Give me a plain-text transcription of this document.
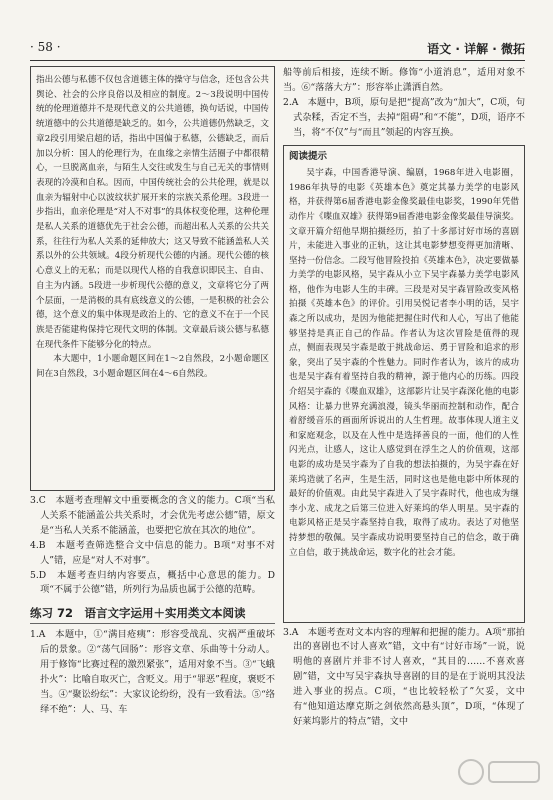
· 58 ·	语文 · 详解 · 微拓

指出公德与私德不仅包含道德主体的操守与信念，还包含公共舆论、社会的公序良俗以及相应的制度。2～3段说明中国传统的伦理道德并不是现代意义的公共道德，换句话说，中国传统道德中的公共道德是缺乏的。如今，公共道德仍然缺乏，文章2段引用梁启超的话，指出中国偏于私德，公德缺乏，而后加以分析：国人的伦理行为，在血缘之亲情生活圈子中都很精心，一旦脱离血亲，与陌生人交往或发生与自己无关的事情则表现的冷漠和自私。因而，中国传统社会的公共伦理，就是以血亲为辐射中心以波纹状扩展开来的宗族关系伦理。3段进一步指出，血亲伦理是“对人不对事”的具体权变伦理，这种伦理是私人关系的道德优先于社会公德，而超出私人关系的公共关系，往往行为私人关系的延伸放大；这又导致不能涵盖私人关系以外的公共领域。4段分析现代公德的内涵。现代公德的核心意义上的无私；而是以现代人格的自我意识即民主、自由、自主为内涵。5段进一步析现代公德的意义，文章将它分了两个层面，一是消极的具有底线意义的公德，一是积极的社会公德，这个意义的集中体现是政治上的、它的意义不在于一个民族是否能建构保持它现代文明的体制。文章最后谈公德与私德在现代条件下能够分化的特点。

本大题中，1小题命题区间在1～2自然段，2小题命题区间在3自然段，3小题命题区间在4～6自然段。

3.C　本题考查理解文中重要概念的含义的能力。C项“当私人关系不能涵盖公共关系时，才会优先考虑公德”错，原文是“当私人关系不能涵盖，也要把它放在其次的地位”。

4.B　本题考查筛选整合文中信息的能力。B项“对事不对人”错，应是“对人不对事”。

5.D　本题考查归纳内容要点，概括中心意思的能力。D项“不属于公德”错，所列行为品质也属于公德的范畴。

练习 72　语言文字运用＋实用类文本阅读

1.A　本题中，①“满目疮痍”：形容受战乱、灾祸严重破坏后的景象。②“荡气回肠”：形容文章、乐曲等十分动人。用于修饰“比赛过程的激烈紧张”，适用对象不当。③“飞蛾扑火”：比喻自取灭亡，含贬义。用于“罪恶”程度，褒贬不当。④“聚讼纷纭”：大家议论纷纷，没有一致看法。⑤“络绎不绝”：人、马、车

船等前后相接，连续不断。修饰“小道消息”，适用对象不当。⑥“落落大方”：形容举止潇洒自然。

2.A　本题中，B项，原句是把“提高”改为“加大”，C项，句式杂糅，否定不当，去掉“阻碍”和“不能”，D项，语序不当，将“不仅”与“而且”领起的内容互换。

阅读提示

吴宇森，中国香港导演、编剧，1968年进入电影圈，1986年执导的电影《英雄本色》奠定其暴力美学的电影风格，并获得第6届香港电影金像奖最佳电影奖，1990年凭借动作片《喋血双雄》获得第9届香港电影金像奖最佳导演奖。文章开篇介绍他早期拍摄经历，拍了十多部讨好市场的喜剧片，未能进入事业的正轨，这让其电影梦想变得更加清晰、坚持一份信念。二段写他冒险投拍《英雄本色》，决定要做暴力美学的电影风格，吴宇森从小立下吴宇森暴力美学电影风格，他作为电影人生的丰碑。三段是对吴宇森冒险改变风格拍摄《英雄本色》的评价。引用吴悦记者李小明的话，吴宇森之所以成功，是因为他能把握住时代和人心，写出了他能够坚持是真正自己的作品。作者认为这次冒险是值得的现点，侧面表现吴宇森是敢于挑战命运、勇于冒险和追求的形象，突出了吴宇森的个性魅力。同时作者认为，该片的成功也是吴宇森有着坚持自我的精神，源于他内心的历练。四段介绍吴宇森的《喋血双雄》，这部影片让吴宇森深化他的电影风格：让暴力世界充满浪漫，镜头华丽而控制和动作，配合着舒缓音乐的画面所诉说出的人生哲理。故事体现人道主义和家庭观念，以及在人性中是选择善良的一面，他们的人性闪光点，让感人，这让人感觉到在浮生之人的价值观，这部电影的成功是吴宇森为了自我的想法拍摄的，为吴宇森在好莱坞造就了名声，生是生活，同时这也是他电影中所体现的最好的价值观。由此吴宇森进入了吴宇森时代，他也成为继李小龙、成龙之后第三位进入好莱坞的华人明星。吴宇森的电影风格正是吴宇森坚持自我，取得了成功。表达了对他坚持梦想的敬佩。吴宇森成功说明要坚持自己的信念，敢于确立自信，敢于挑战命运，数字化的社会才能。

3.A　本题考查对文本内容的理解和把握的能力。A项“那拍出的喜剧也不讨人喜欢”错，文中有“讨好市场”一说，说明他的喜剧片并非不讨人喜欢，“其目的……不喜欢喜剧”错，文中写吴宇森执导喜剧的目的是在于说明其没法进入事业的拐点。C项，“也比较轻松了”欠妥，文中有“他知道达摩克斯之剑依然高悬头顶”，D项，“体现了好莱坞影片的特点”错，文中
